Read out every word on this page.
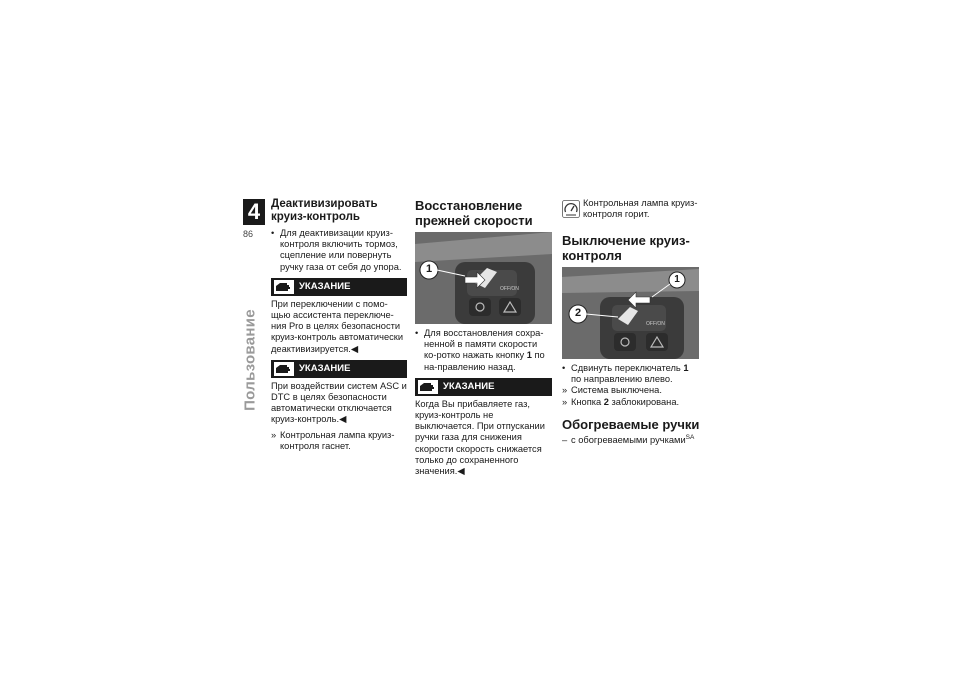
4
86
Пользование
Деактивизировать круиз-контроль
• Для деактивизации круиз-контроля включить тормоз, сцепление или повернуть ручку газа от себя до упора.
УКАЗАНИЕ

При переключении с помо-щью ассистента переключе-ния Pro в целях безопасности круиз-контроль автоматически деактивизируется.◀

УКАЗАНИЕ

При воздействии систем ASC и DTC в целях безопасности автоматически отключается круиз-контроль.◀

» Контрольная лампа круиз-контроля гаснет.
Восстановление прежней скорости
1
OFF/ON
• Для восстановления сохра-ненной в памяти скорости ко-ротко нажать кнопку 1 по на-правлению назад.
УКАЗАНИЕ

Когда Вы прибавляете газ, круиз-контроль не выключается. При отпускании ручки газа для снижения скорости скорость снижается только до сохраненного значения.◀

Контрольная лампа круиз-контроля горит.
Выключение круиз-контроля
1
2
OFF/ON
• Сдвинуть переключатель 1 по направлению влево.
» Система выключена.
» Кнопка 2 заблокирована.
Обогреваемые ручки
– с обогреваемыми ручками$^{SA}$
